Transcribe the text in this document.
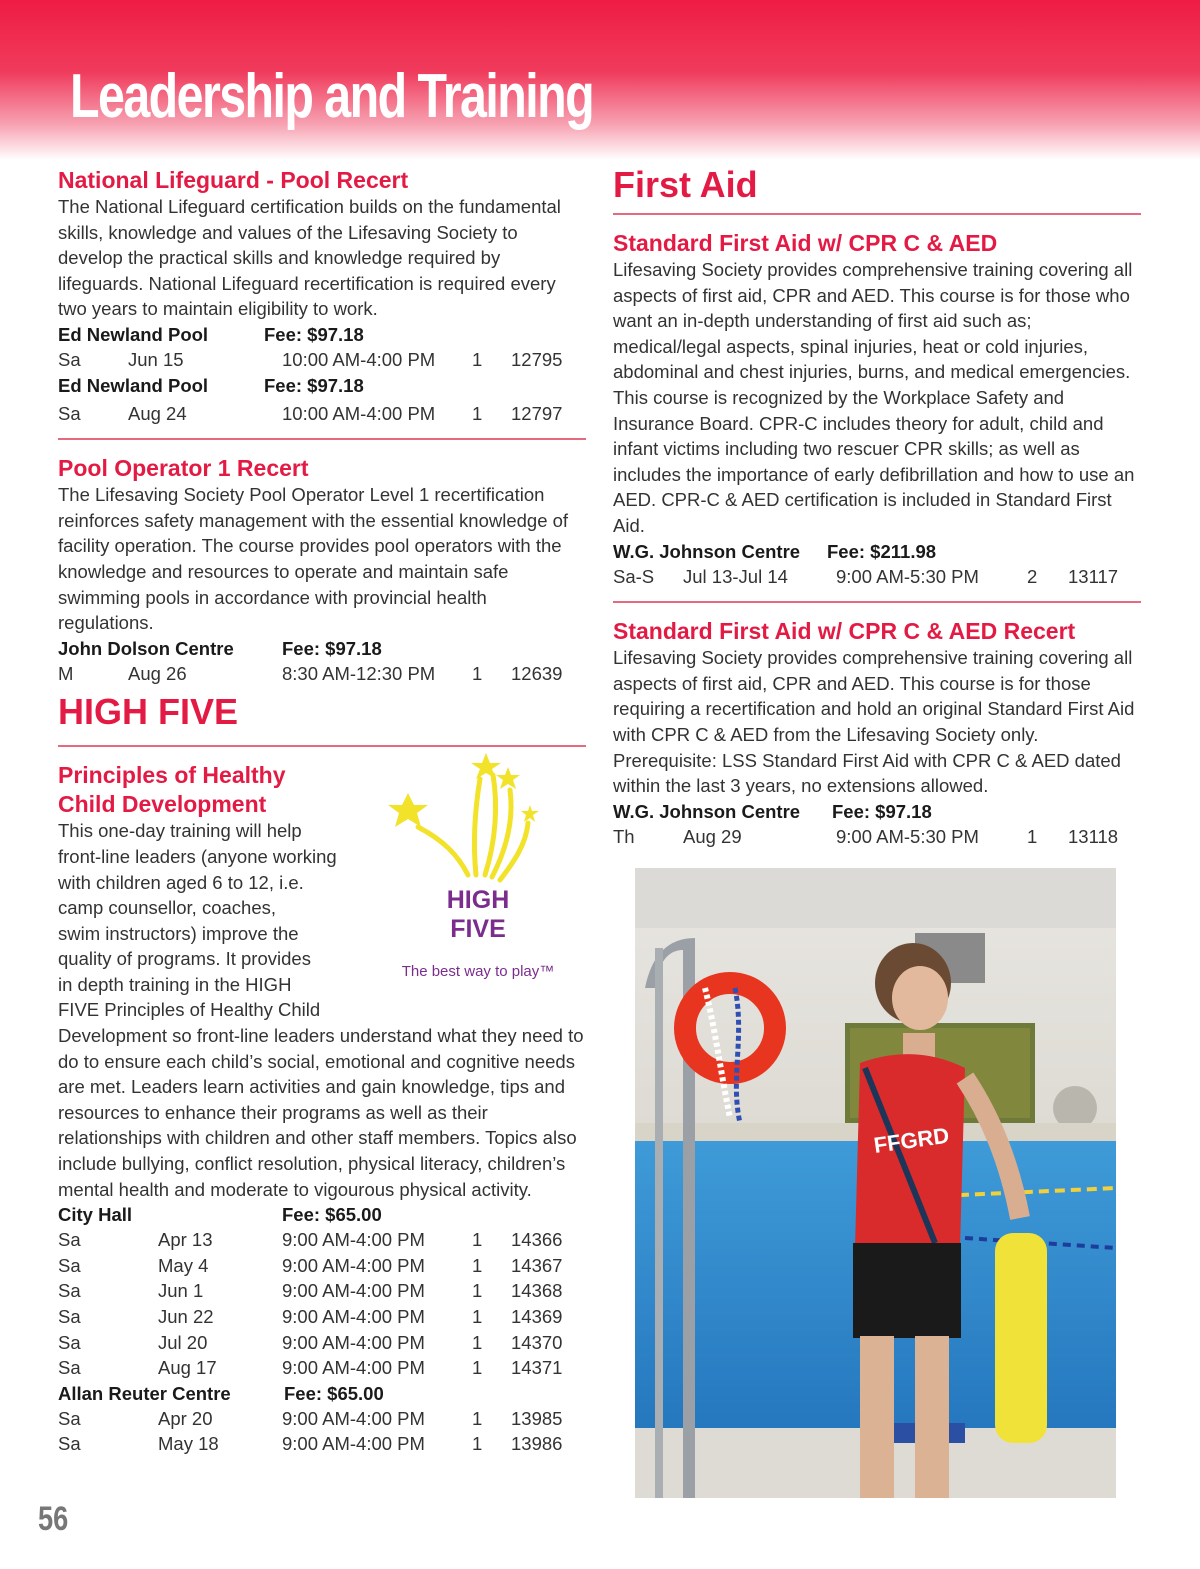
Leadership and Training
National Lifeguard - Pool Recert

The National Lifeguard certification builds on the fundamental skills, knowledge and values of the Lifesaving Society to develop the practical skills and knowledge required by lifeguards. National Lifeguard recertification is required every two years to maintain eligibility to work.

Ed Newland Pool	Fee: $97.18
Sa	Jun 15	10:00 AM-4:00 PM 1 12795
Ed Newland Pool	Fee: $97.18
Sa	Aug 24	10:00 AM-4:00 PM 1 12797
Pool Operator 1 Recert

The Lifesaving Society Pool Operator Level 1 recertification reinforces safety management with the essential knowledge of facility operation. The course provides pool operators with the knowledge and resources to operate and maintain safe swimming pools in accordance with provincial health regulations.

John Dolson Centre	Fee: $97.18
M	Aug 26	8:30 AM-12:30 PM 1 12639
HIGH FIVE
Principles of Healthy
Child Development

This one-day training will help

front-line leaders (anyone working

with children aged 6 to 12, i.e.

camp counsellor, coaches,

swim instructors) improve the

quality of programs. It provides

in depth training in the HIGH

FIVE Principles of Healthy Child

Development so front-line leaders understand what they need to do to ensure each child’s social, emotional and cognitive needs are met. Leaders learn activities and gain knowledge, tips and resources to enhance their programs as well as their relationships with children and other staff members. Topics also include bullying, conflict resolution, physical literacy, children’s mental health and moderate to vigourous physical activity.

City Hall	Fee: $65.00
Sa	Apr 13	9:00 AM-4:00 PM	1 14366
Sa	May 4	9:00 AM-4:00 PM	1 14367
Sa	Jun 1	9:00 AM-4:00 PM	1 14368
Sa	Jun 22	9:00 AM-4:00 PM	1 14369
Sa	Jul 20	9:00 AM-4:00 PM	1 14370
Sa	Aug 17	9:00 AM-4:00 PM	1 14371
Allan Reuter Centre	Fee: $65.00
Sa	Apr 20	9:00 AM-4:00 PM	1 13985
Sa	May 18	9:00 AM-4:00 PM	1 13986
HIGH
FIVE
The best way to play™
First Aid
Standard First Aid w/ CPR C & AED

Lifesaving Society provides comprehensive training covering all aspects of first aid, CPR and AED. This course is for those who want an in-depth understanding of first aid such as; medical/legal aspects, spinal injuries, heat or cold injuries, abdominal and chest injuries, burns, and medical emergencies. This course is recognized by the Workplace Safety and Insurance Board. CPR-C includes theory for adult, child and infant victims including two rescuer CPR skills; as well as includes the importance of early defibrillation and how to use an AED. CPR-C & AED certification is included in Standard First Aid.

W.G. Johnson Centre Fee: $211.98
Sa-S Jul 13-Jul 14	9:00 AM-5:30 PM	2 13117
Standard First Aid w/ CPR C & AED Recert

Lifesaving Society provides comprehensive training covering all aspects of first aid, CPR and AED. This course is for those requiring a recertification and hold an original Standard First Aid with CPR C & AED from the Lifesaving Society only. Prerequisite: LSS Standard First Aid with CPR C & AED dated within the last 3 years, no extensions allowed.

W.G. Johnson Centre Fee: $97.18
Th	Aug 29	9:00 AM-5:30 PM	1 13118
FFGRD
56
